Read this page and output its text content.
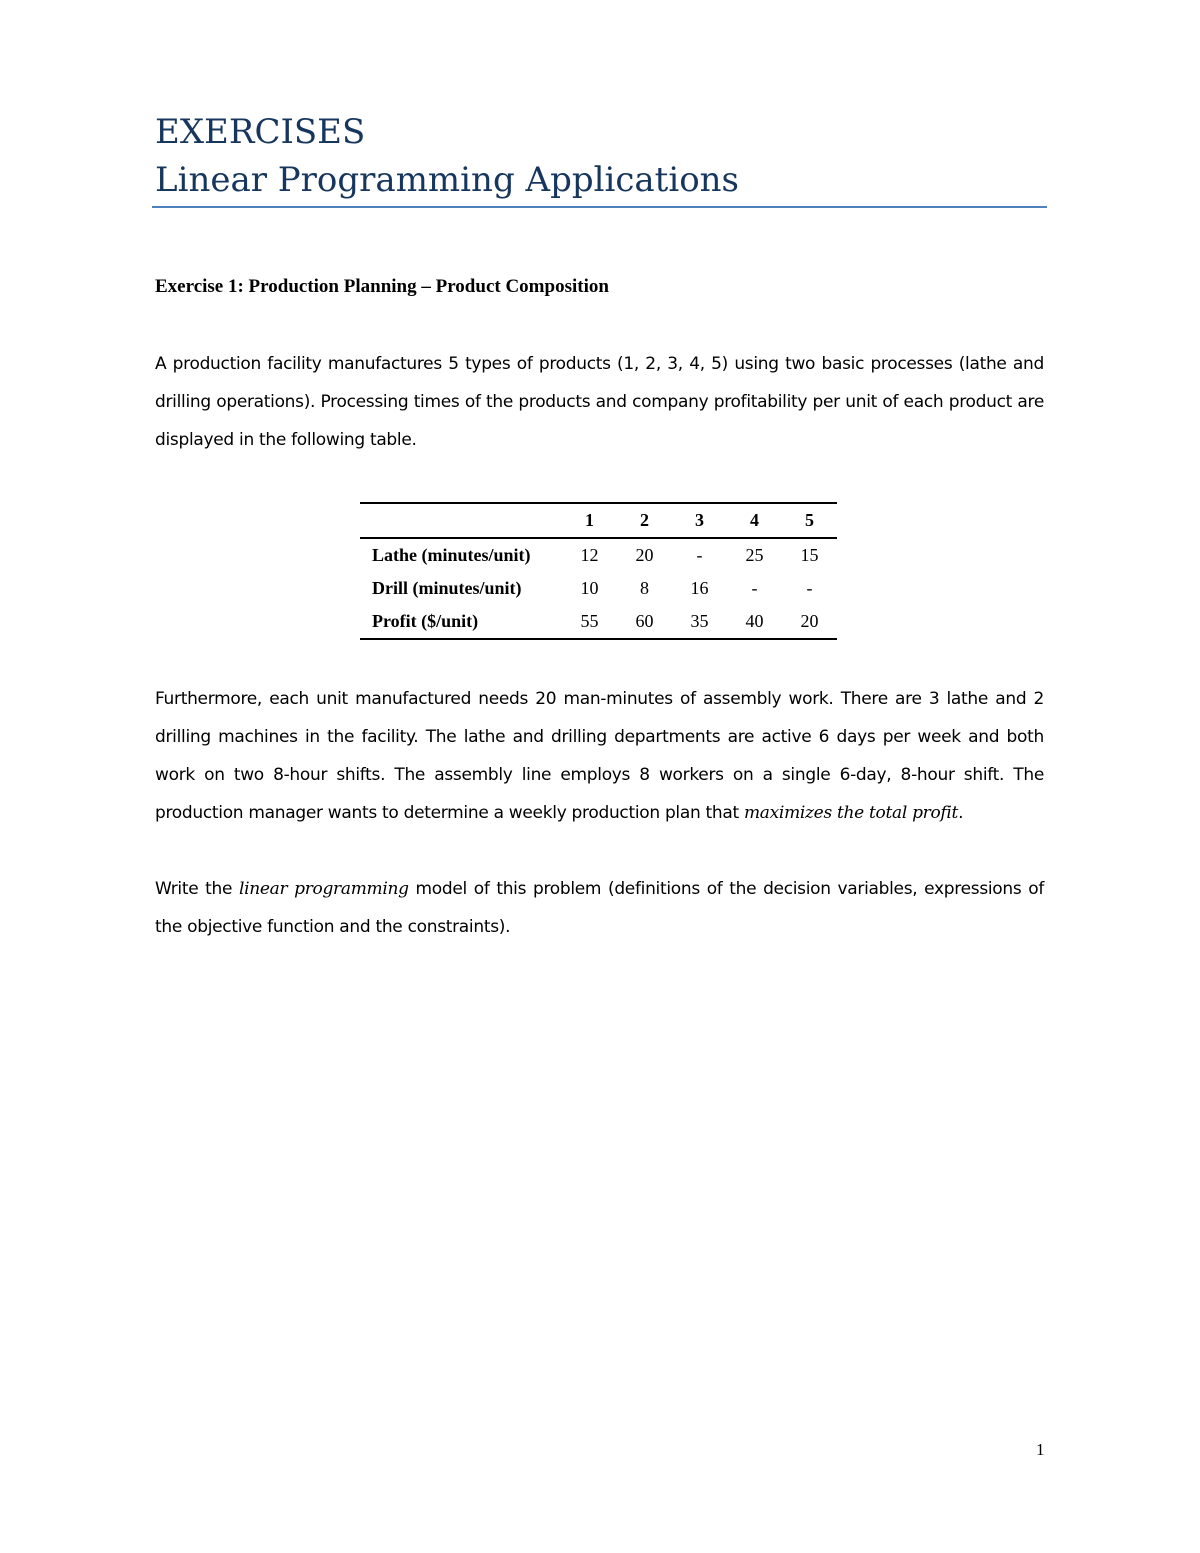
EXERCISES
Linear Programming Applications
Exercise 1: Production Planning – Product Composition
A production facility manufactures 5 types of products (1, 2, 3, 4, 5) using two basic processes (lathe and drilling operations). Processing times of the products and company profitability per unit of each product are displayed in the following table.
	1	2	3	4	5
Lathe (minutes/unit)	12	20	-	25	15
Drill (minutes/unit)	10	8	16	-	-
Profit ($/unit)	55	60	35	40	20
Furthermore, each unit manufactured needs 20 man-minutes of assembly work. There are 3 lathe and 2 drilling machines in the facility. The lathe and drilling departments are active 6 days per week and both work on two 8-hour shifts. The assembly line employs 8 workers on a single 6-day, 8-hour shift. The production manager wants to determine a weekly production plan that maximizes the total profit.
Write the linear programming model of this problem (definitions of the decision variables, expressions of the objective function and the constraints).
1
